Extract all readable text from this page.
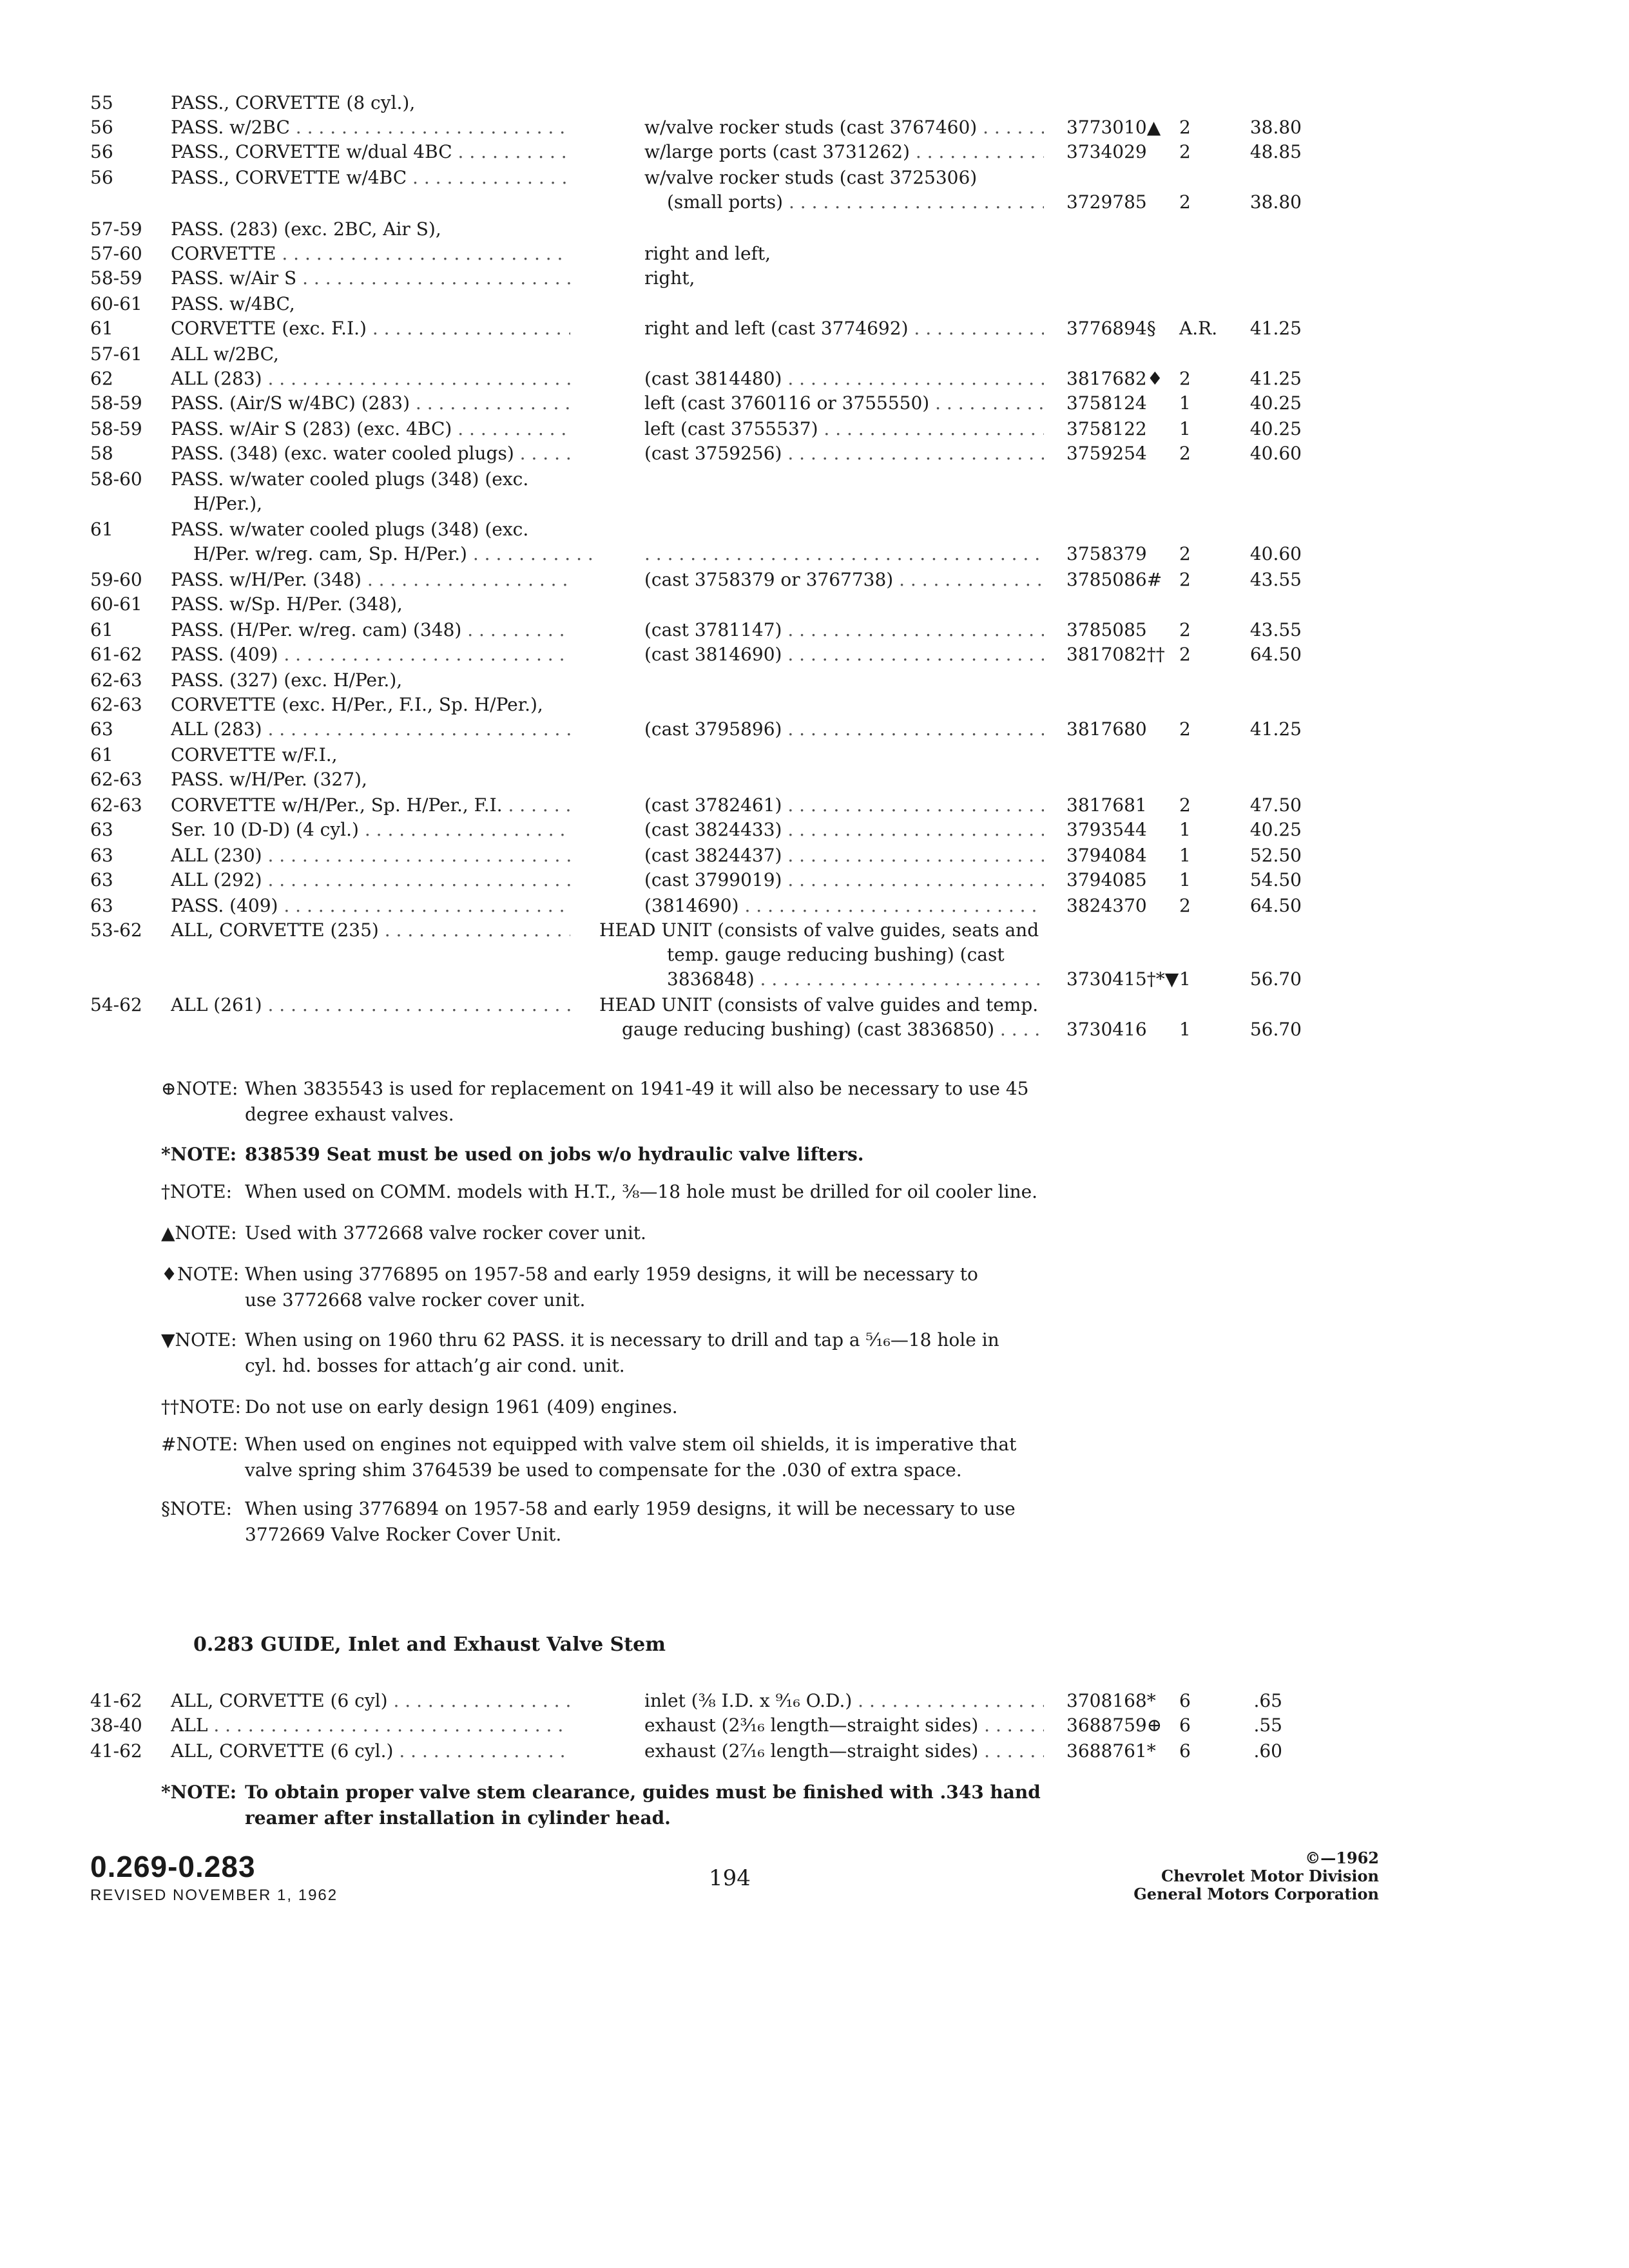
55	PASS., CORVETTE (8 cyl.),
56	PASS. w/2BC . . .	w/valve rocker studs (cast 3767460) . . .	3773010▲ 2	38.80
56	PASS., CORVETTE w/dual 4BC . . .	w/large ports (cast 3731262) . . .	3734029 2	48.85
56	PASS., CORVETTE w/4BC . . .	w/valve rocker studs (cast 3725306)
(small ports) . . .	3729785 2	38.80
57-59 PASS. (283) (exc. 2BC, Air S),
57-60 CORVETTE . . .	right and left,
58-59 PASS. w/Air S . . .	right,
60-61 PASS. w/4BC,
61	CORVETTE (exc. F.I.) . . .	right and left (cast 3774692) . . .	3776894§ A.R.	41.25
57-61 ALL w/2BC,
62	ALL (283) . . .	(cast 3814480) . . .	3817682♦ 2	41.25
58-59 PASS. (Air/S w/4BC) (283) . . .	left (cast 3760116 or 3755550) . . .	3758124 1	40.25
58-59 PASS. w/Air S (283) (exc. 4BC) . . .	left (cast 3755537) . . .	3758122 1	40.25
58	PASS. (348) (exc. water cooled plugs) . . .	(cast 3759256) . . .	3759254 2	40.60
58-60 PASS. w/water cooled plugs (348) (exc.
H/Per.),
61	PASS. w/water cooled plugs (348) (exc.
H/Per. w/reg. cam, Sp. H/Per.) . . .
. . .	3758379 2	40.60
59-60 PASS. w/H/Per. (348) . . .	(cast 3758379 or 3767738) . . .	3785086# 2	43.55
60-61 PASS. w/Sp. H/Per. (348),
61	PASS. (H/Per. w/reg. cam) (348) . . .	(cast 3781147) . . .	3785085 2	43.55
61-62 PASS. (409) . . .	(cast 3814690) . . .	3817082†† 2	64.50
62-63 PASS. (327) (exc. H/Per.),
62-63 CORVETTE (exc. H/Per., F.I., Sp. H/Per.),
63	ALL (283) . . .	(cast 3795896) . . .	3817680 2	41.25
61	CORVETTE w/F.I.,
62-63 PASS. w/H/Per. (327),
62-63 CORVETTE w/H/Per., Sp. H/Per., F.I. . . .	(cast 3782461) . . .	3817681 2	47.50
63	Ser. 10 (D-D) (4 cyl.) . . .	(cast 3824433) . . .	3793544 1	40.25
63	ALL (230) . . .	(cast 3824437) . . .	3794084 1	52.50
63	ALL (292) . . .	(cast 3799019) . . .	3794085 1	54.50
63	PASS. (409) . . .	(3814690) . . .	3824370 2	64.50
53-62 ALL, CORVETTE (235) . . .	HEAD UNIT (consists of valve guides, seats and
temp. gauge reducing bushing) (cast
3836848) . . .	3730415†*▼ 1	56.70
54-62 ALL (261) . . .	HEAD UNIT (consists of valve guides and temp.
gauge reducing bushing) (cast 3836850) . . .	3730416 1	56.70
⊕NOTE: When 3835543 is used for replacement on 1941-49 it will also be necessary to use 45
degree exhaust valves.
*NOTE: 838539 Seat must be used on jobs w/o hydraulic valve lifters.
†NOTE: When used on COMM. models with H.T., ⅜—18 hole must be drilled for oil cooler line.
▲NOTE: Used with 3772668 valve rocker cover unit.
♦NOTE: When using 3776895 on 1957-58 and early 1959 designs, it will be necessary to
use 3772668 valve rocker cover unit.
▼NOTE: When using on 1960 thru 62 PASS. it is necessary to drill and tap a ⁵⁄₁₆—18 hole in
cyl. hd. bosses for attach’g air cond. unit.
††NOTE: Do not use on early design 1961 (409) engines.
#NOTE: When used on engines not equipped with valve stem oil shields, it is imperative that
valve spring shim 3764539 be used to compensate for the .030 of extra space.
§NOTE: When using 3776894 on 1957-58 and early 1959 designs, it will be necessary to use
3772669 Valve Rocker Cover Unit.
0.283 GUIDE, Inlet and Exhaust Valve Stem
41-62 ALL, CORVETTE (6 cyl) . . .	inlet (⅜ I.D. x ⁹⁄₁₆ O.D.) . . .	3708168* 6	.65
38-40 ALL . . .	exhaust (2³⁄₁₆ length—straight sides) . . .	3688759⊕ 6	.55
41-62 ALL, CORVETTE (6 cyl.) . . .	exhaust (2⁷⁄₁₆ length—straight sides) . . .	3688761* 6	.60
*NOTE: To obtain proper valve stem clearance, guides must be finished with .343 hand
reamer after installation in cylinder head.
0.269-0.283
REVISED NOVEMBER 1, 1962
194
©—1962
Chevrolet Motor Division
General Motors Corporation
